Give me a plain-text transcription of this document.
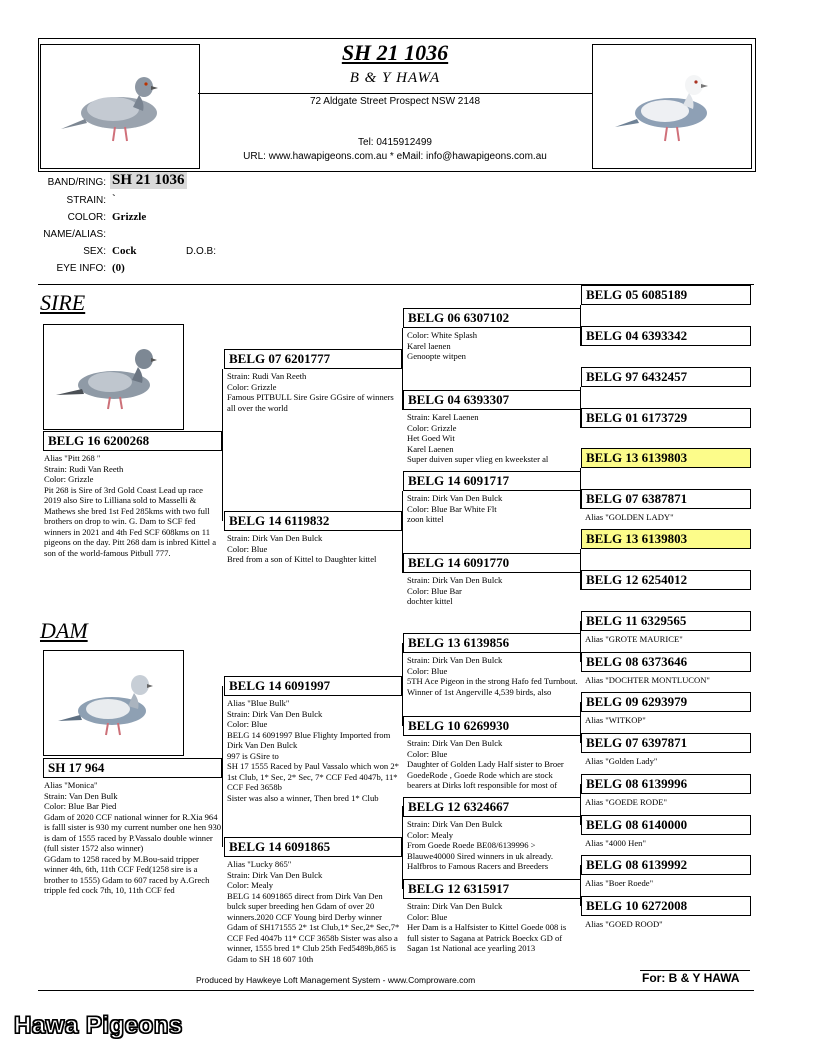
SH 21 1036
B & Y HAWA
72 Aldgate Street Prospect NSW 2148
Tel: 0415912499
URL: www.hawapigeons.com.au * eMail: info@hawapigeons.com.au
BAND/RING: SH 21 1036
STRAIN: `
COLOR: Grizzle
NAME/ALIAS:
SEX: Cock	D.O.B:
EYE INFO: (0)
SIRE
BELG 16 6200268
Alias "Pitt 268 "
Strain: Rudi Van Reeth
Color: Grizzle
Pit 268 is Sire of 3rd Gold Coast Lead up race 2019 also Sire to Lilliana sold to Masselli & Mathews she bred 1st Fed 285kms with two full brothers on drop to win. G. Dam to SCF fed winners in 2021 and 4th Fed SCF 608kms on 11 pigeons on the day. Pitt 268 dam is inbred Kittel a son of the world-famous Pitbull 777.
DAM
SH 17 964
Alias "Monica"
Strain: Van Den Bulk
Color: Blue Bar Pied
Gdam of 2020 CCF national winner for R.Xia 964 is falll sister is 930 my current number one hen 930 is dam of 1555 raced by P.Vassalo double winner (full sister 1572 also winner)
GGdam to 1258 raced by M.Bou-said tripper winner 4th, 6th, 11th CCF Fed(1258 sire is a brother to 1555) Gdam to 607 raced by A.Grech tripple fed cock 7th, 10, 11th CCF fed
BELG 07 6201777
Strain: Rudi Van Reeth
Color: Grizzle
Famous PITBULL Sire Gsire GGsire of winners all over the world
BELG 14 6119832
Strain: Dirk Van Den Bulck
Color: Blue
Bred from a son of Kittel to Daughter kittel
BELG 14 6091997
Alias "Blue Bulk"
Strain: Dirk Van Den Bulck
Color: Blue
BELG 14 6091997 Blue Flighty Imported from Dirk Van Den Bulck
997 is GSire to
SH 17 1555 Raced by Paul Vassalo which won 2* 1st Club, 1* Sec, 2* Sec, 7* CCF Fed 4047b, 11* CCF Fed 3658b
Sister was also a winner, Then bred 1* Club
BELG 14 6091865
Alias "Lucky 865"
Strain: Dirk Van Den Bulck
Color: Mealy
BELG 14 6091865 direct from Dirk Van Den bulck super breeding hen Gdam of over 20 winners.2020 CCF Young bird Derby winner Gdam of SH171555 2* 1st Club,1* Sec,2* Sec,7* CCF Fed 4047b 11* CCF 3658b Sister was also a winner, 1555 bred 1* Club 25th Fed5489b,865 is Gdam to SH 18 607 10th
BELG 06 6307102
Color: White Splash
Karel laenen
Genoopte witpen
BELG 04 6393307
Strain: Karel Laenen
Color: Grizzle
Het Goed Wit
Karel Laenen
Super duiven super vlieg en kweekster al
BELG 14 6091717
Strain: Dirk Van Den Bulck
Color: Blue Bar White Flt
zoon kittel
BELG 14 6091770
Strain: Dirk Van Den Bulck
Color: Blue Bar
dochter kittel
BELG 13 6139856
Strain: Dirk Van Den Bulck
Color: Blue
5TH Ace Pigeon in the strong Hafo fed Turnbout.
Winner of 1st Angerville 4,539 birds, also
BELG 10 6269930
Strain: Dirk Van Den Bulck
Color: Blue
Daughter of Golden Lady Half sister to Broer GoedeRode , Goede Rode which are stock bearers at Dirks loft responsible for most of
BELG 12 6324667
Strain: Dirk Van Den Bulck
Color: Mealy
From Goede Roede BE08/6139996 > Blauwe40000 Sired winners in uk already. Halfbros to Famous Racers and Breeders
BELG 12 6315917
Strain: Dirk Van Den Bulck
Color: Blue
Her Dam is a Halfsister to Kittel Goede 008 is full sister to Sagana at Patrick Boeckx GD of Sagan 1st National ace yearling 2013
BELG 05 6085189
BELG 04 6393342
BELG 97 6432457
BELG 01 6173729
BELG 13 6139803
BELG 07 6387871
Alias "GOLDEN LADY"
BELG 13 6139803
BELG 12 6254012
BELG 11 6329565
Alias "GROTE MAURICE"
BELG 08 6373646
Alias "DOCHTER MONTLUCON"
BELG 09 6293979
Alias "WITKOP"
BELG 07 6397871
Alias "Golden Lady"
BELG 08 6139996
Alias "GOEDE RODE"
BELG 08 6140000
Alias "4000 Hen"
BELG 08 6139992
Alias "Boer Roede"
BELG 10 6272008
Alias "GOED ROOD"
Produced by Hawkeye Loft Management System - www.Comproware.com	For: B & Y HAWA
Hawa Pigeons
